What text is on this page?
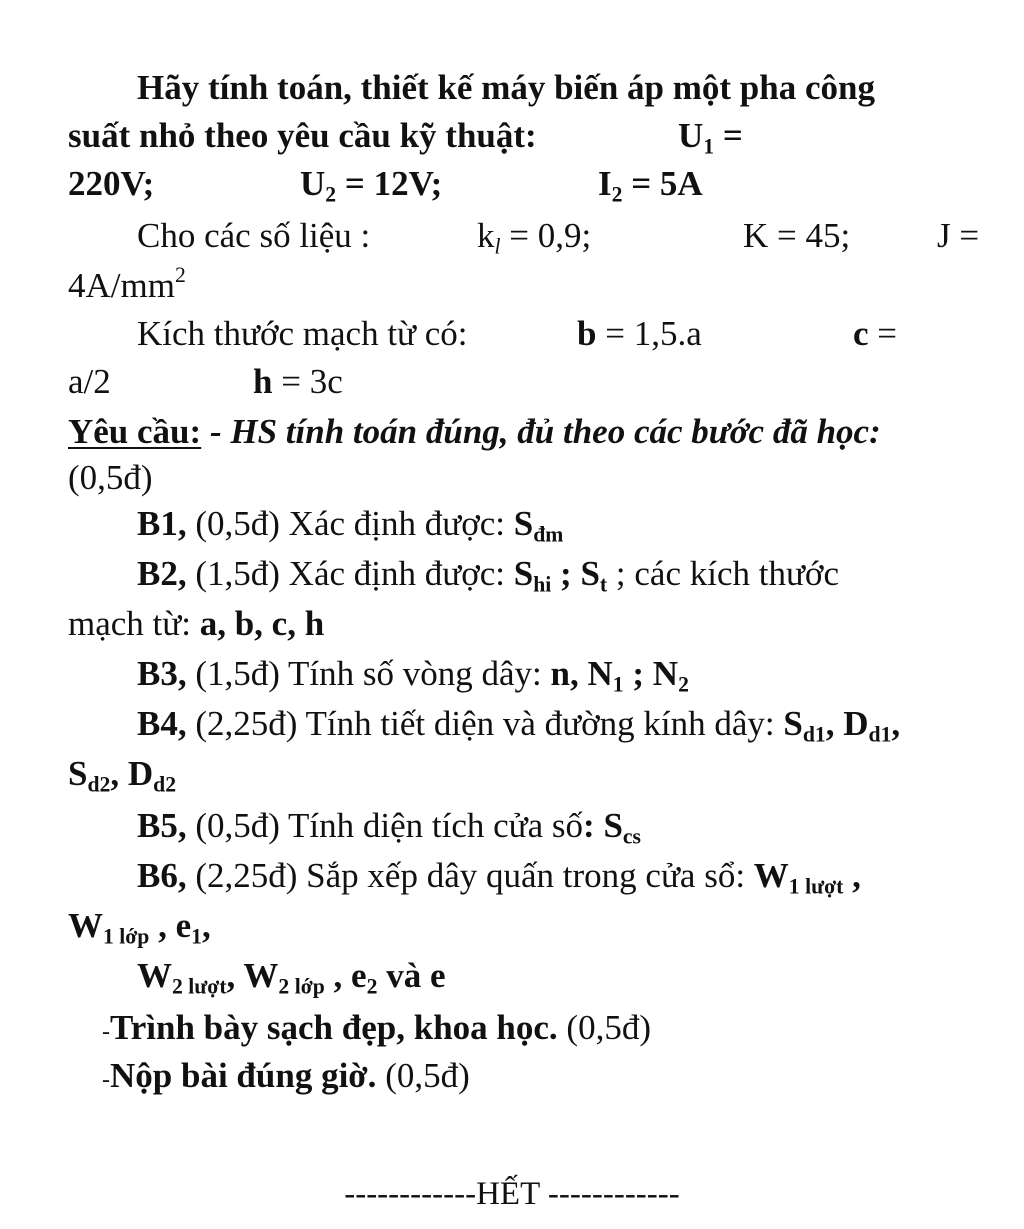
Hãy tính toán, thiết kế máy biến áp một pha công
suất nhỏ theo yêu cầu kỹ thuật:	$U_1$ =
220V;	$U_2 = 12V$;	$I_2 = 5A$
Cho các số liệu :	$k_l = 0,9$;	K = 45; J =
$4A/mm^2$
Kích thước mạch từ có:	b = 1,5.a	c =
a/2	h = 3c
Yêu cầu: - HS tính toán đúng, đủ theo các bước đã học:
(0,5đ)
B1, (0,5đ) Xác định được: $S_{đm}$
B2, (1,5đ) Xác định được: $S_{hi}$ ; $S_t$ ; các kích thước
mạch từ: a, b, c, h
B3, (1,5đ) Tính số vòng dây: n, $N_1$ ; $N_2$
B4, (2,25đ) Tính tiết diện và đường kính dây: $S_{d1}$, $D_{d1}$,
$S_{d2}$, $D_{d2}$
B5, (0,5đ) Tính diện tích cửa số: $S_{cs}$
B6, (2,25đ) Sắp xếp dây quấn trong cửa sổ: $W_{1 lượt}$ ,
$W_{1 lớp}$ , $e_1$,
$W_{2 lượt}$, $W_{2 lớp}$ , $e_2$ và e
-Trình bày sạch đẹp, khoa học. (0,5đ)
-Nộp bài đúng giờ. (0,5đ)
------------HẾT ------------
